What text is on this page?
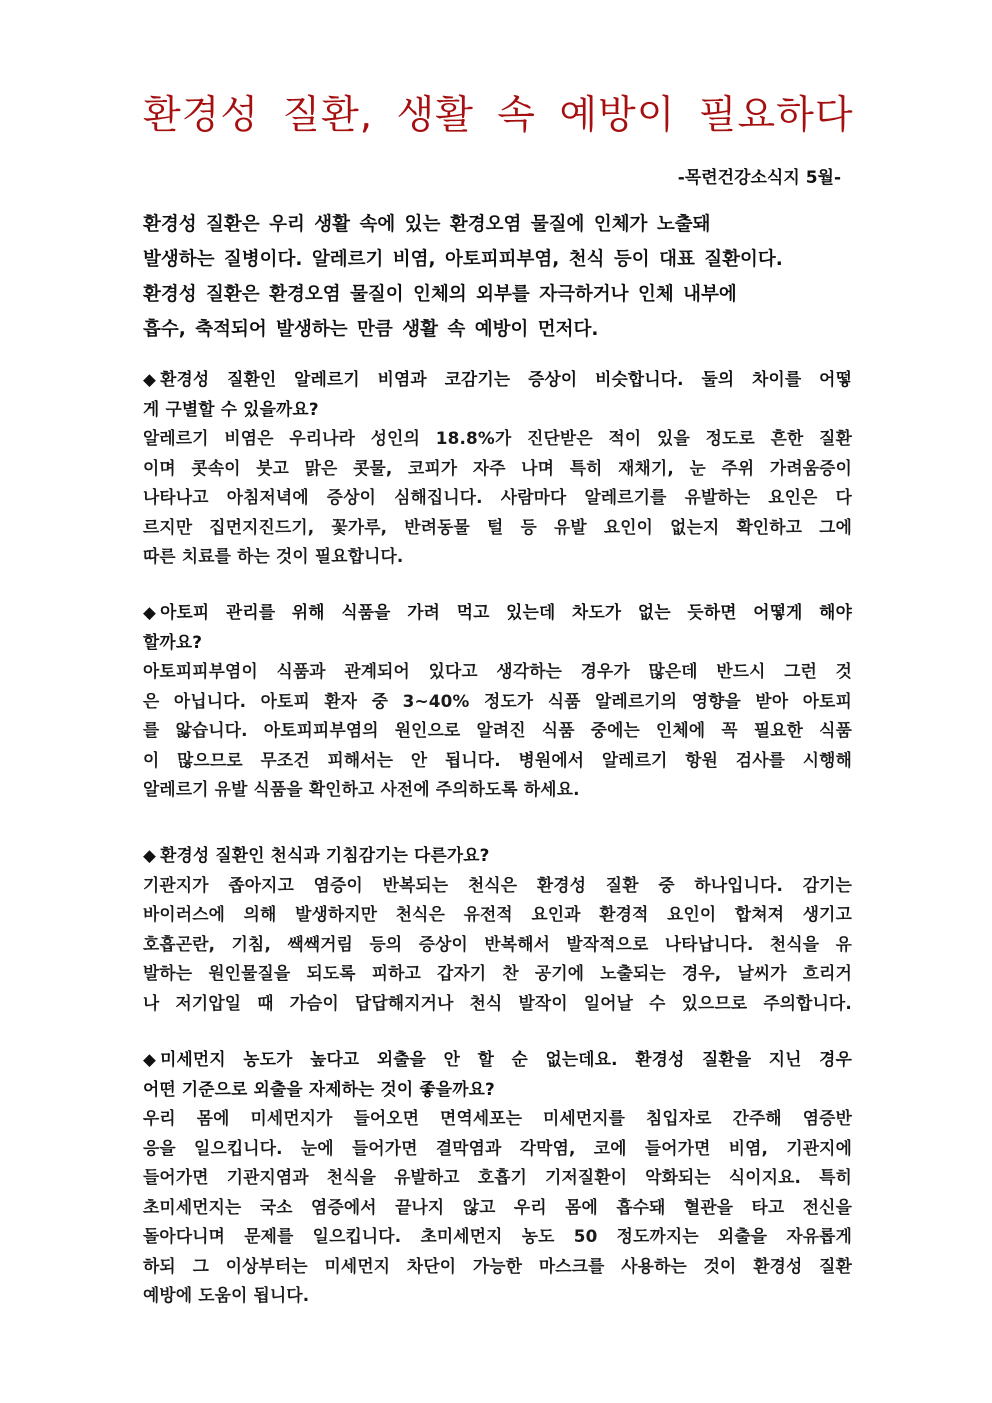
환경성 질환, 생활 속 예방이 필요하다
-목련건강소식지 5월-
환경성 질환은 우리 생활 속에 있는 환경오염 물질에 인체가 노출돼
발생하는 질병이다. 알레르기 비염, 아토피피부염, 천식 등이 대표 질환이다.
환경성 질환은 환경오염 물질이 인체의 외부를 자극하거나 인체 내부에
흡수, 축적되어 발생하는 만큼 생활 속 예방이 먼저다.
◆ 환경성 질환인 알레르기 비염과 코감기는 증상이 비슷합니다. 둘의 차이를 어떻
게 구별할 수 있을까요?
알레르기 비염은 우리나라 성인의 18.8%가 진단받은 적이 있을 정도로 흔한 질환
이며 콧속이 붓고 맑은 콧물, 코피가 자주 나며 특히 재채기, 눈 주위 가려움증이
나타나고 아침저녁에 증상이 심해집니다. 사람마다 알레르기를 유발하는 요인은 다
르지만 집먼지진드기, 꽃가루, 반려동물 털 등 유발 요인이 없는지 확인하고 그에
따른 치료를 하는 것이 필요합니다.
◆ 아토피 관리를 위해 식품을 가려 먹고 있는데 차도가 없는 듯하면 어떻게 해야
할까요?
아토피피부염이 식품과 관계되어 있다고 생각하는 경우가 많은데 반드시 그런 것
은 아닙니다. 아토피 환자 중 3~40% 정도가 식품 알레르기의 영향을 받아 아토피
를 앓습니다. 아토피피부염의 원인으로 알려진 식품 중에는 인체에 꼭 필요한 식품
이 많으므로 무조건 피해서는 안 됩니다. 병원에서 알레르기 항원 검사를 시행해
알레르기 유발 식품을 확인하고 사전에 주의하도록 하세요.
◆ 환경성 질환인 천식과 기침감기는 다른가요?
기관지가 좁아지고 염증이 반복되는 천식은 환경성 질환 중 하나입니다. 감기는
바이러스에 의해 발생하지만 천식은 유전적 요인과 환경적 요인이 합쳐져 생기고
호흡곤란, 기침, 쌕쌕거림 등의 증상이 반복해서 발작적으로 나타납니다. 천식을 유
발하는 원인물질을 되도록 피하고 갑자기 찬 공기에 노출되는 경우, 날씨가 흐리거
나 저기압일 때 가슴이 답답해지거나 천식 발작이 일어날 수 있으므로 주의합니다.
◆ 미세먼지 농도가 높다고 외출을 안 할 순 없는데요. 환경성 질환을 지닌 경우
어떤 기준으로 외출을 자제하는 것이 좋을까요?
우리 몸에 미세먼지가 들어오면 면역세포는 미세먼지를 침입자로 간주해 염증반
응을 일으킵니다. 눈에 들어가면 결막염과 각막염, 코에 들어가면 비염, 기관지에
들어가면 기관지염과 천식을 유발하고 호흡기 기저질환이 악화되는 식이지요. 특히
초미세먼지는 국소 염증에서 끝나지 않고 우리 몸에 흡수돼 혈관을 타고 전신을
돌아다니며 문제를 일으킵니다. 초미세먼지 농도 50 정도까지는 외출을 자유롭게
하되 그 이상부터는 미세먼지 차단이 가능한 마스크를 사용하는 것이 환경성 질환
예방에 도움이 됩니다.
